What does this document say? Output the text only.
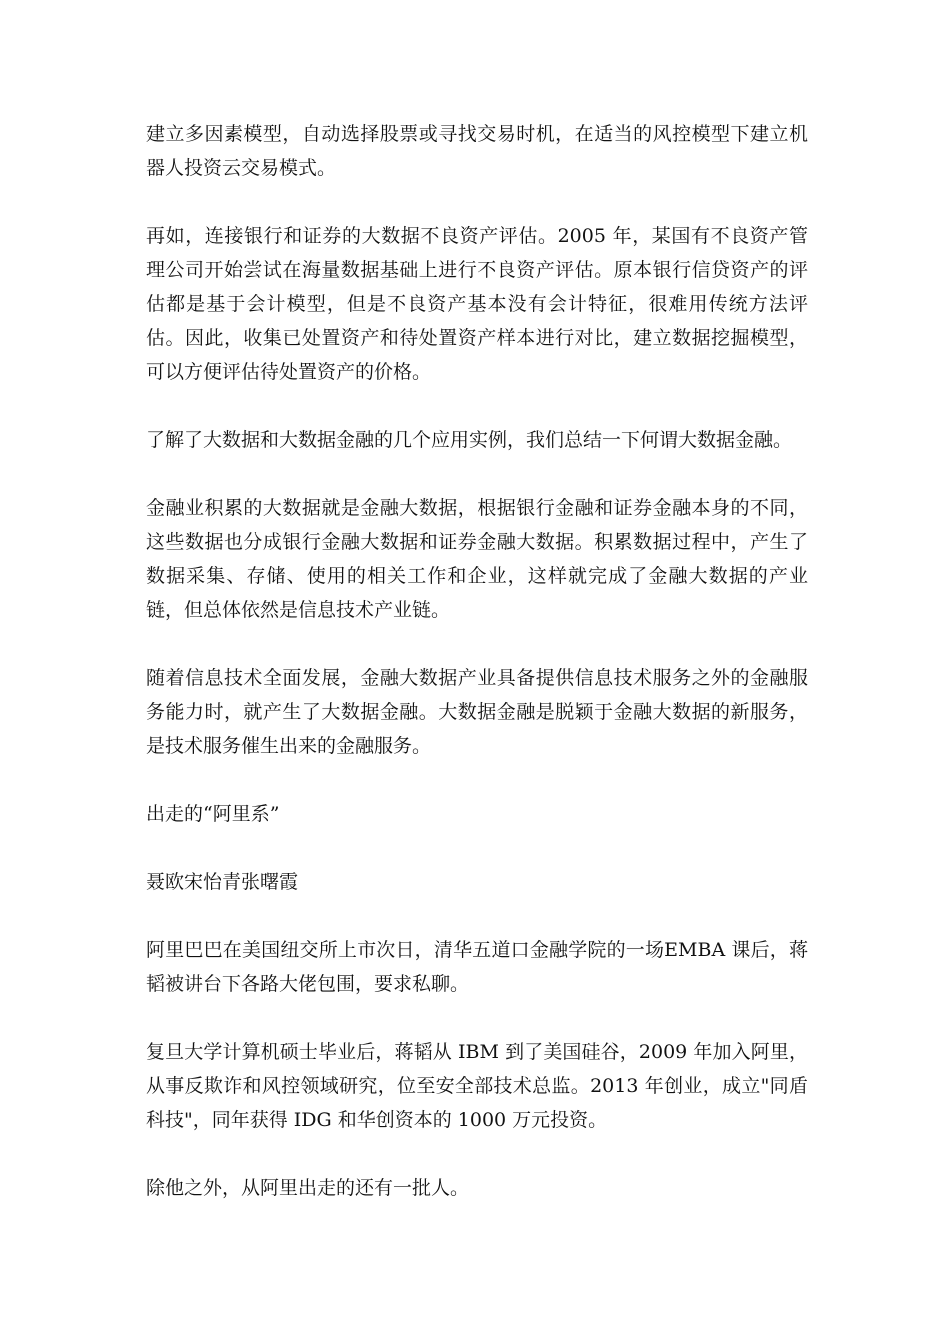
建立多因素模型，自动选择股票或寻找交易时机，在适当的风控模型下建立机器人投资云交易模式。

再如，连接银行和证券的大数据不良资产评估。2005 年，某国有不良资产管理公司开始尝试在海量数据基础上进行不良资产评估。原本银行信贷资产的评估都是基于会计模型，但是不良资产基本没有会计特征，很难用传统方法评估。因此，收集已处置资产和待处置资产样本进行对比，建立数据挖掘模型，可以方便评估待处置资产的价格。

了解了大数据和大数据金融的几个应用实例，我们总结一下何谓大数据金融。

金融业积累的大数据就是金融大数据，根据银行金融和证券金融本身的不同，这些数据也分成银行金融大数据和证券金融大数据。积累数据过程中，产生了数据采集、存储、使用的相关工作和企业，这样就完成了金融大数据的产业链，但总体依然是信息技术产业链。

随着信息技术全面发展，金融大数据产业具备提供信息技术服务之外的金融服务能力时，就产生了大数据金融。大数据金融是脱颖于金融大数据的新服务，是技术服务催生出来的金融服务。

出走的“阿里系”

聂欧宋怡青张曙霞

阿里巴巴在美国纽交所上市次日，清华五道口金融学院的一场EMBA 课后，蒋韬被讲台下各路大佬包围，要求私聊。

复旦大学计算机硕士毕业后，蒋韬从 IBM 到了美国硅谷，2009 年加入阿里，从事反欺诈和风控领域研究，位至安全部技术总监。2013 年创业，成立"同盾科技"，同年获得 IDG 和华创资本的 1000 万元投资。

除他之外，从阿里出走的还有一批人。
